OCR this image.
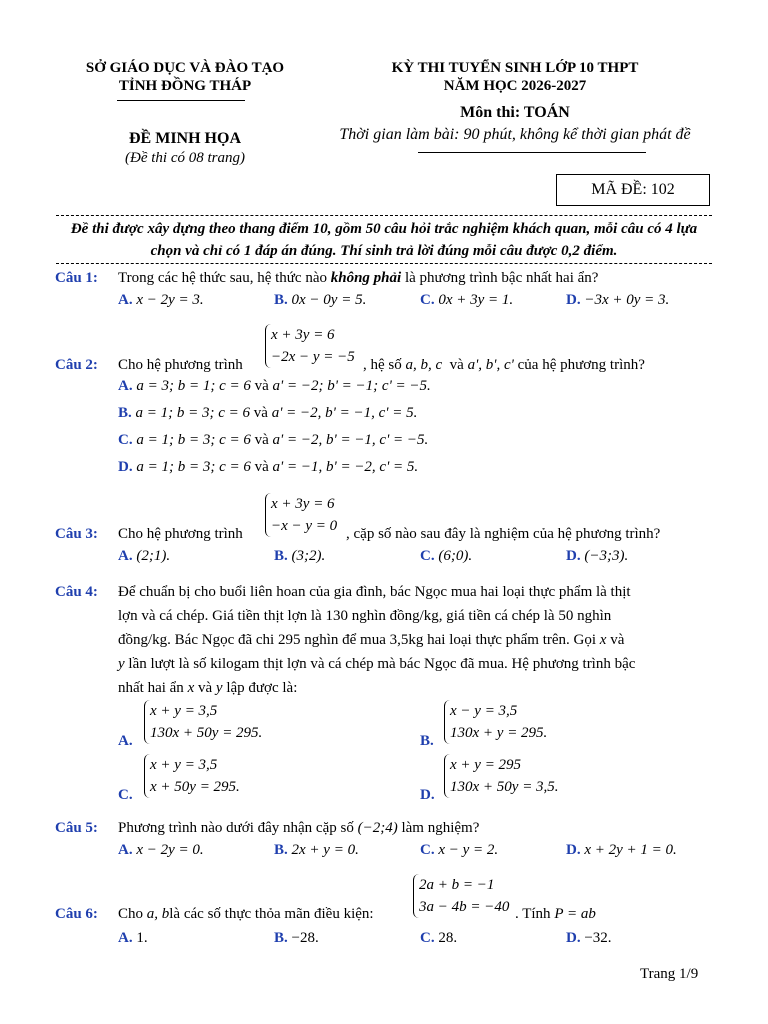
SỞ GIÁO DỤC VÀ ĐÀO TẠO
TỈNH ĐỒNG THÁP
KỲ THI TUYỂN SINH LỚP 10 THPT
NĂM HỌC 2026-2027
Môn thi: TOÁN
Thời gian làm bài: 90 phút, không kể thời gian phát đề
ĐỀ MINH HỌA
(Đề thi có 08 trang)
MÃ ĐỀ: 102
Đề thi được xây dựng theo thang điểm 10, gồm 50 câu hỏi trắc nghiệm khách quan, mỗi câu có 4 lựa chọn và chỉ có 1 đáp án đúng. Thí sinh trả lời đúng mỗi câu được 0,2 điểm.
Câu 1: Trong các hệ thức sau, hệ thức nào không phải là phương trình bậc nhất hai ẩn?
A. x − 2y = 3.	B. 0x − 0y = 5.	C. 0x + 3y = 1.	D. −3x + 0y = 3.
Câu 2: Cho hệ phương trình
x + 3y = 6
−2x − y = −5 , hệ số a, b, c và a', b', c' của hệ phương trình?
A. a = 3; b = 1; c = 6 và a' = −2; b' = −1; c' = −5.
B. a = 1; b = 3; c = 6 và a' = −2, b' = −1, c' = 5.
C. a = 1; b = 3; c = 6 và a' = −2, b' = −1, c' = −5.
D. a = 1; b = 3; c = 6 và a' = −1, b' = −2, c' = 5.
Câu 3: Cho hệ phương trình
x + 3y = 6
−x − y = 0 , cặp số nào sau đây là nghiệm của hệ phương trình?
A. (2;1).	B. (3;2).	C. (6;0).	D. (−3;3).
Câu 4: Để chuẩn bị cho buổi liên hoan của gia đình, bác Ngọc mua hai loại thực phẩm là thịt
lợn và cá chép. Giá tiền thịt lợn là 130 nghìn đồng/kg, giá tiền cá chép là 50 nghìn
đồng/kg. Bác Ngọc đã chi 295 nghìn để mua 3,5kg hai loại thực phẩm trên. Gọi x và
y lần lượt là số kilogam thịt lợn và cá chép mà bác Ngọc đã mua. Hệ phương trình bậc
nhất hai ẩn x và y lập được là:
A.
x + y = 3,5
130x + 50y = 295.	B.
x − y = 3,5
130x + y = 295.
C.
x + y = 3,5
x + 50y = 295.	D.
x + y = 295
130x + 50y = 3,5.
Câu 5: Phương trình nào dưới đây nhận cặp số (−2;4) làm nghiệm?
A. x − 2y = 0.	B. 2x + y = 0.	C. x − y = 2.	D. x + 2y + 1 = 0.
Câu 6: Cho a, blà các số thực thỏa mãn điều kiện:
2a + b = −1
3a − 4b = −40 . Tính P = ab
A. 1.	B. −28.	C. 28.	D. −32.
Trang 1/9
